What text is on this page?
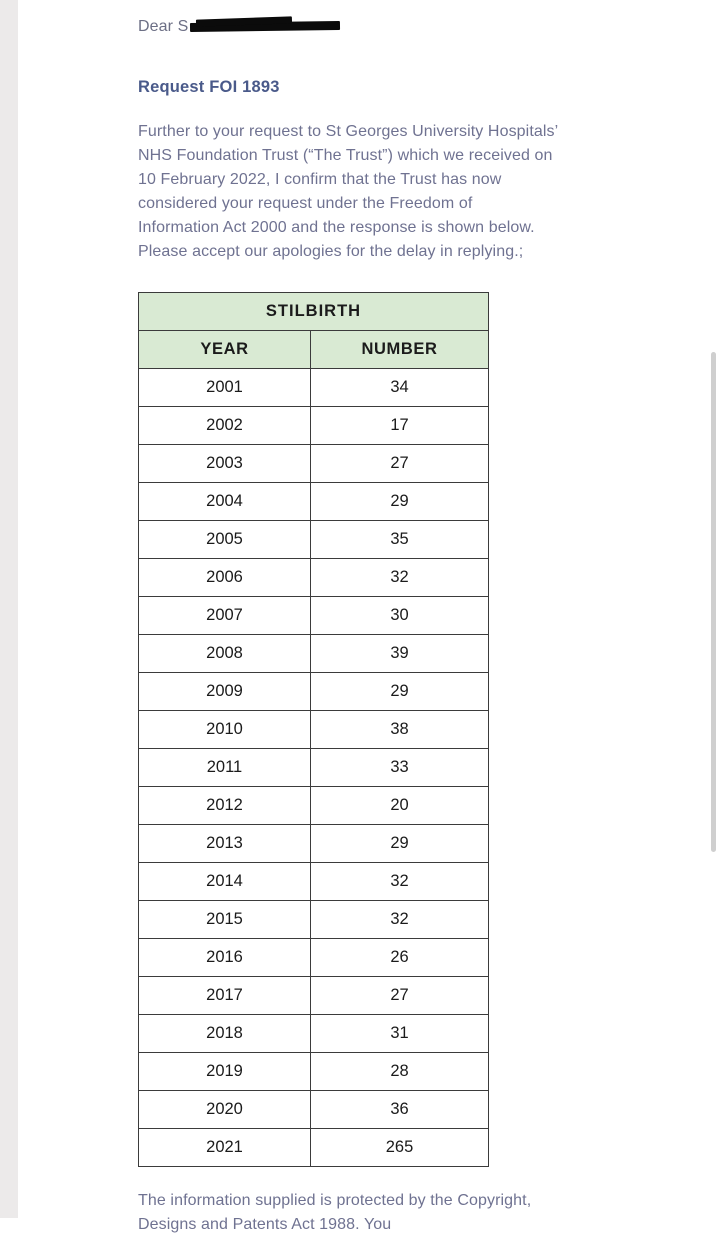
Dear S
Request FOI 1893
Further to your request to St Georges University Hospitals’ NHS Foundation Trust (“The Trust”) which we received on 10 February 2022, I confirm that the Trust has now considered your request under the Freedom of Information Act 2000 and the response is shown below. Please accept our apologies for the delay in replying.;
STILBIRTH	
YEAR	NUMBER
2001	34
2002	17
2003	27
2004	29
2005	35
2006	32
2007	30
2008	39
2009	29
2010	38
2011	33
2012	20
2013	29
2014	32
2015	32
2016	26
2017	27
2018	31
2019	28
2020	36
2021	265
The information supplied is protected by the Copyright, Designs and Patents Act 1988. You
